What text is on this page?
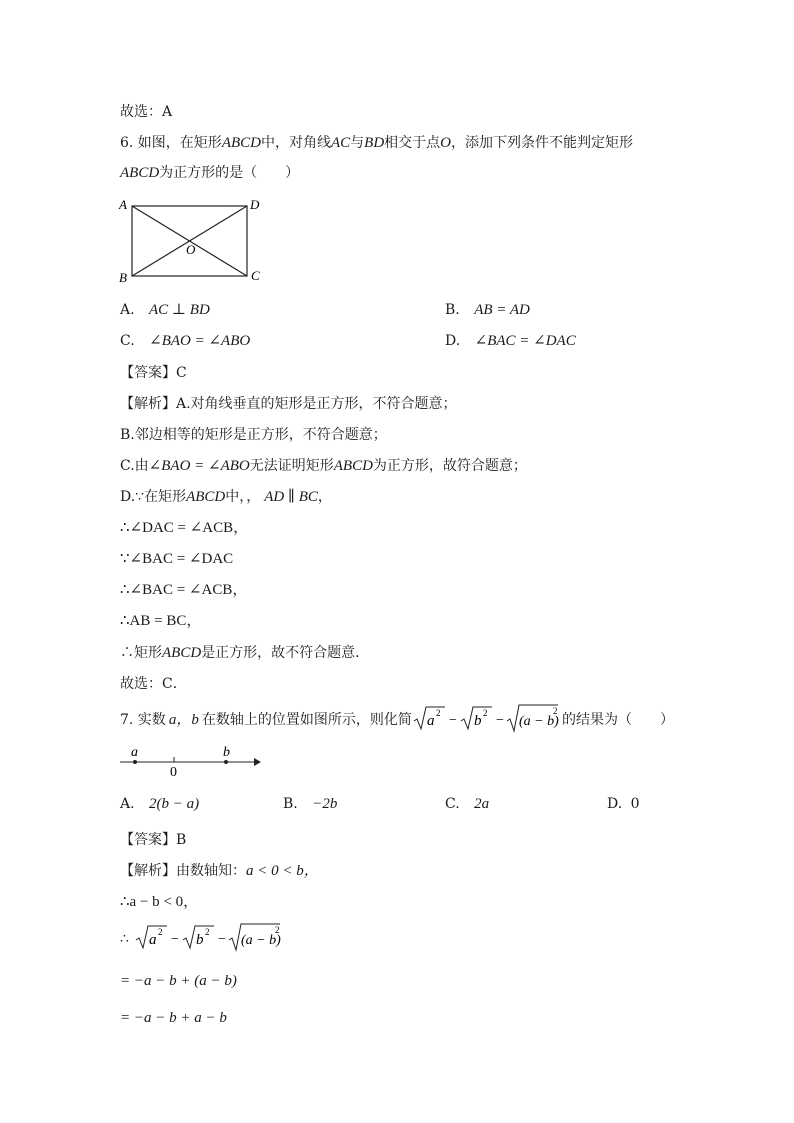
故选：A
6. 如图，在矩形ABCD中，对角线AC与BD相交于点O，添加下列条件不能判定矩形
ABCD为正方形的是（　　）
A	D
B	C
O
A. AC ⊥ BD	B. AB = AD
C. ∠BAO = ∠ABO	D. ∠BAC = ∠DAC
【答案】C
【解析】A.对角线垂直的矩形是正方形，不符合题意；
B.邻边相等的矩形是正方形，不符合题意；
C.由∠BAO = ∠ABO无法证明矩形ABCD为正方形，故符合题意；
D.∵在矩形ABCD中，， AD ∥ BC，
∴∠DAC = ∠ACB，
∵∠BAC = ∠DAC
∴∠BAC = ∠ACB，
∴AB = BC，
∴矩形ABCD是正方形，故不符合题意．
故选：C．
7. 实数 a，b 在数轴上的位置如图所示，则化简 a 2 − b 2 − (a − b)
2
的结果为（　　）
a
0
b
A. 2(b − a)	B. −2b	C. 2a	D. 0
【答案】B
【解析】由数轴知：a < 0 < b，
∴a − b < 0，
∴ a 2 − b 2 − (a − b)
2
= −a − b + (a − b)
= −a − b + a − b
